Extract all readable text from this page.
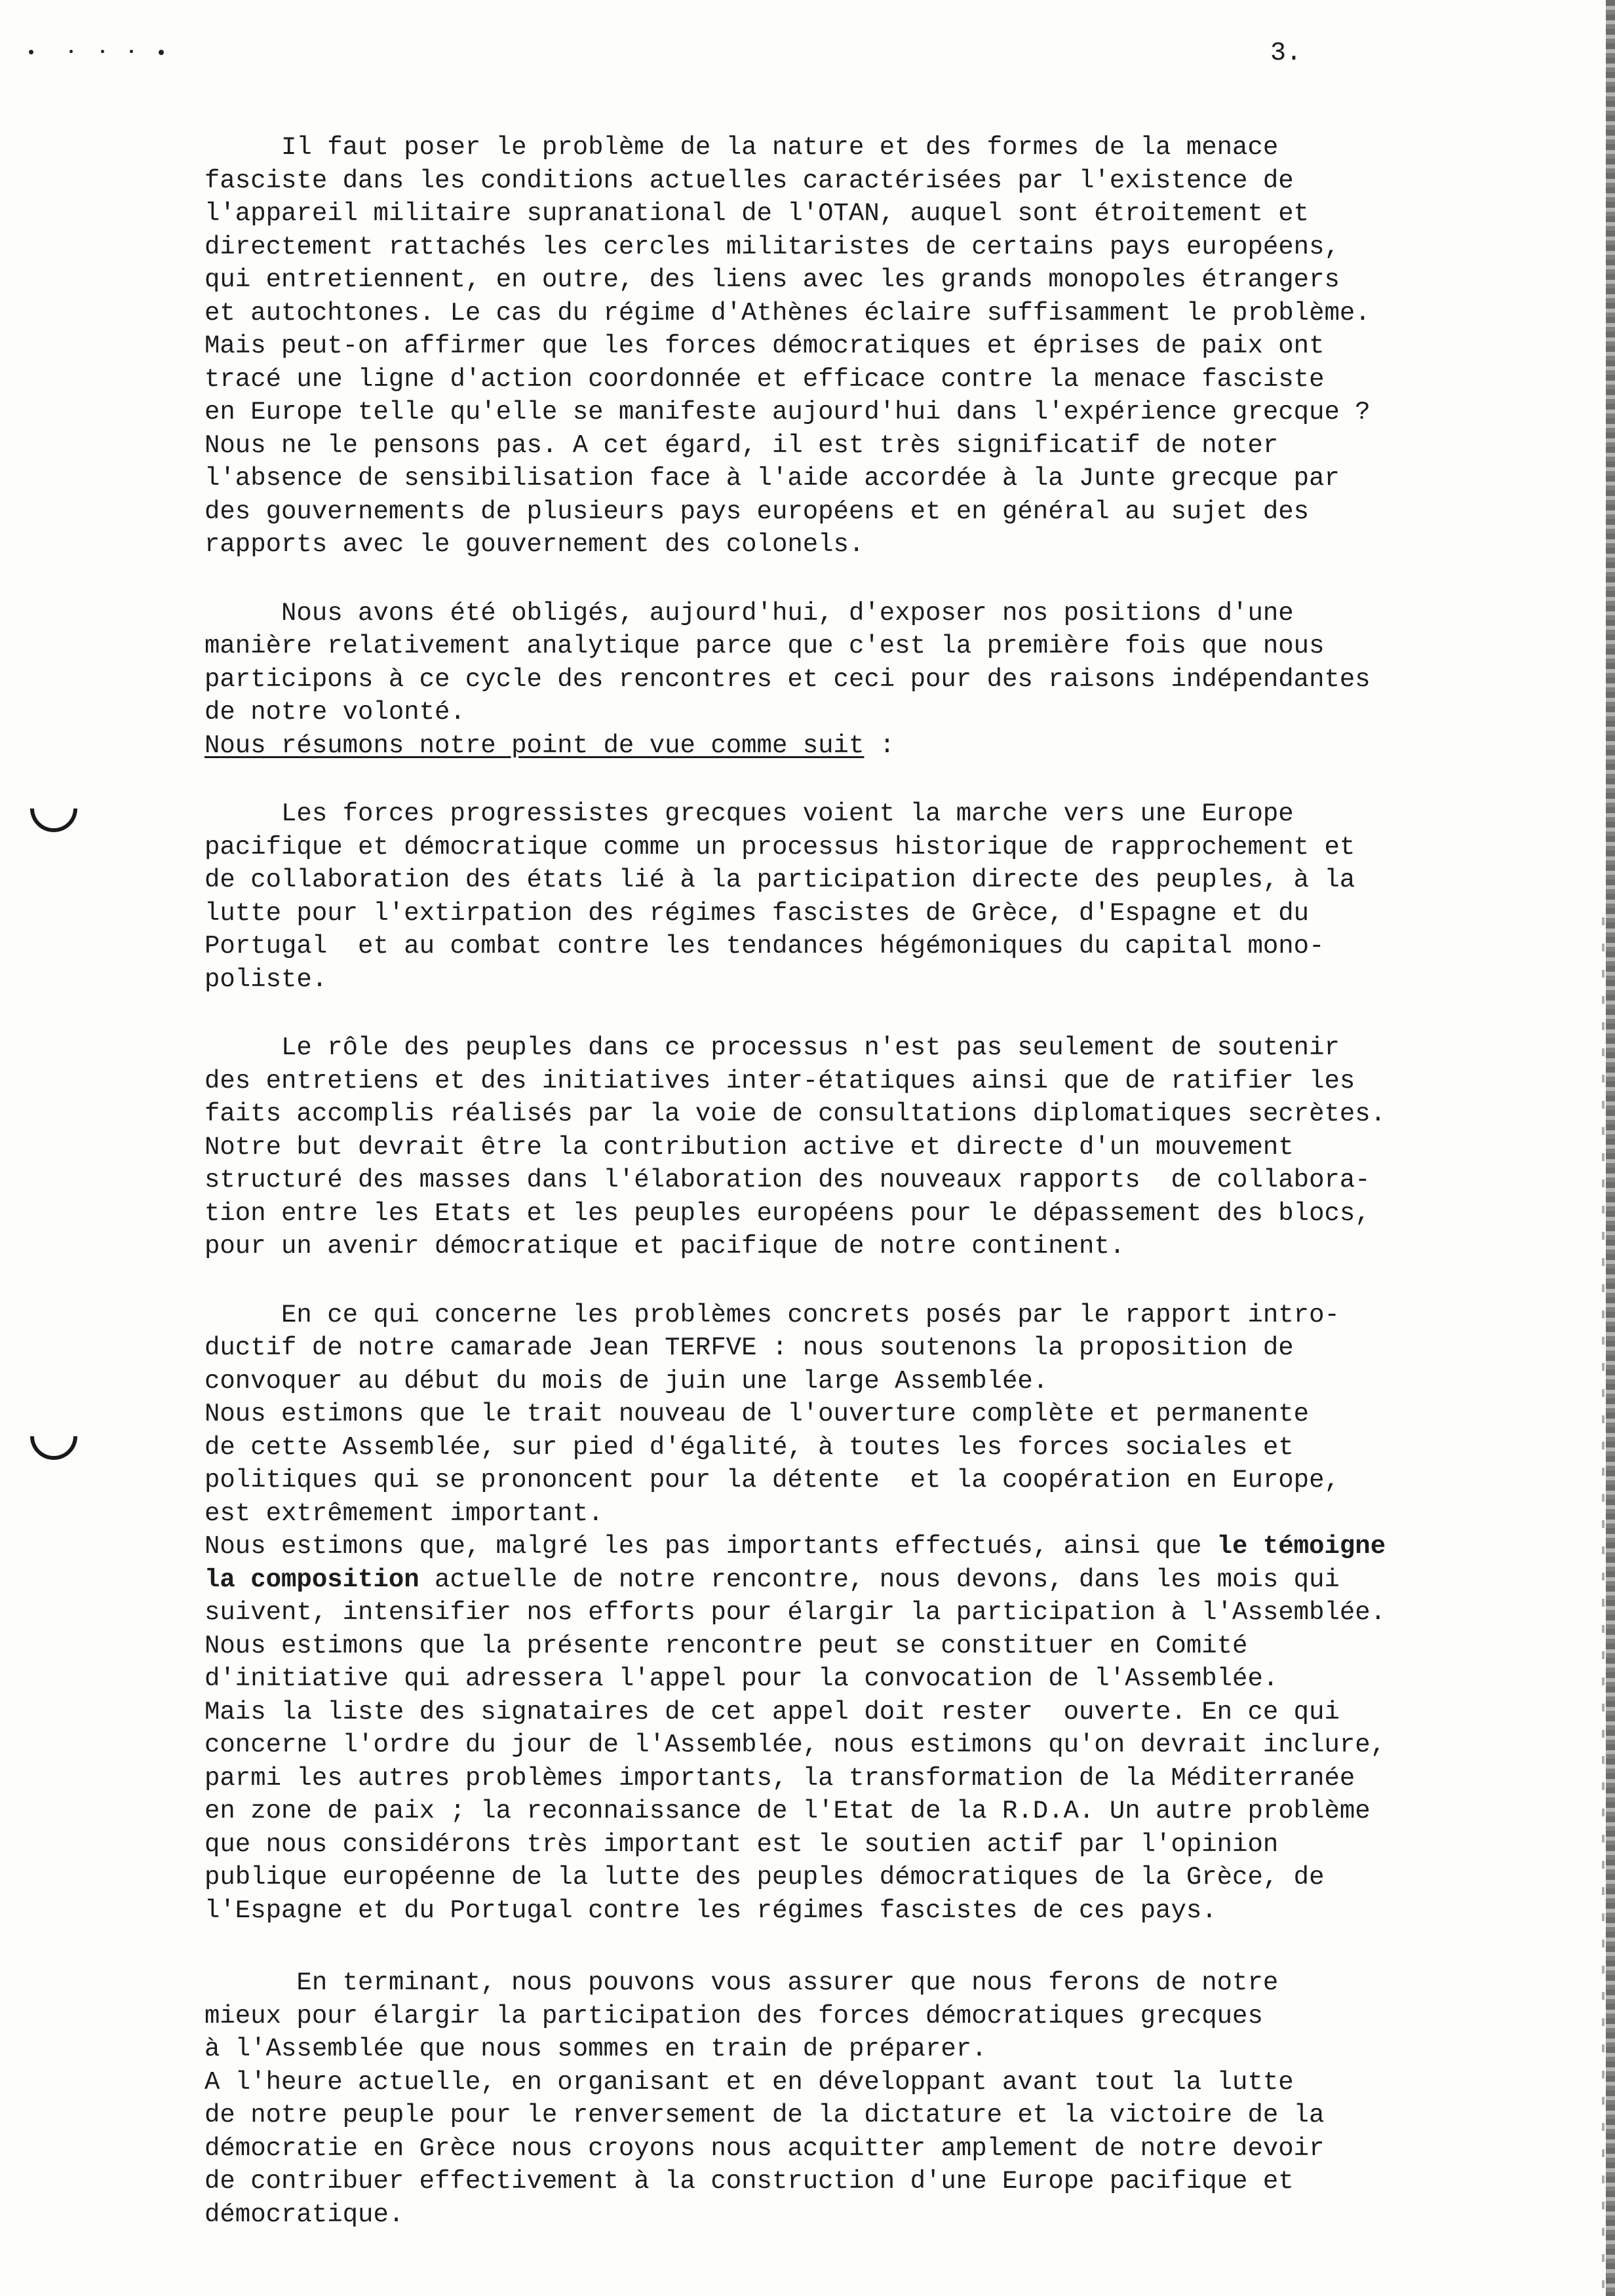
3.

Il faut poser le problème de la nature et des formes de la menace

fasciste dans les conditions actuelles caractérisées par l'existence de

l'appareil militaire supranational de l'OTAN, auquel sont étroitement et

directement rattachés les cercles militaristes de certains pays européens,

qui entretiennent, en outre, des liens avec les grands monopoles étrangers

et autochtones. Le cas du régime d'Athènes éclaire suffisamment le problème.

Mais peut-on affirmer que les forces démocratiques et éprises de paix ont

tracé une ligne d'action coordonnée et efficace contre la menace fasciste

en Europe telle qu'elle se manifeste aujourd'hui dans l'expérience grecque ?

Nous ne le pensons pas. A cet égard, il est très significatif de noter

l'absence de sensibilisation face à l'aide accordée à la Junte grecque par

des gouvernements de plusieurs pays européens et en général au sujet des

rapports avec le gouvernement des colonels.

Nous avons été obligés, aujourd'hui, d'exposer nos positions d'une

manière relativement analytique parce que c'est la première fois que nous

participons à ce cycle des rencontres et ceci pour des raisons indépendantes

de notre volonté.

Nous résumons notre point de vue comme suit :

Les forces progressistes grecques voient la marche vers une Europe

pacifique et démocratique comme un processus historique de rapprochement et

de collaboration des états lié à la participation directe des peuples, à la

lutte pour l'extirpation des régimes fascistes de Grèce, d'Espagne et du

Portugal  et au combat contre les tendances hégémoniques du capital mono-

poliste.

Le rôle des peuples dans ce processus n'est pas seulement de soutenir

des entretiens et des initiatives inter-étatiques ainsi que de ratifier les

faits accomplis réalisés par la voie de consultations diplomatiques secrètes.

Notre but devrait être la contribution active et directe d'un mouvement

structuré des masses dans l'élaboration des nouveaux rapports  de collabora-

tion entre les Etats et les peuples européens pour le dépassement des blocs,

pour un avenir démocratique et pacifique de notre continent.

En ce qui concerne les problèmes concrets posés par le rapport intro-

ductif de notre camarade Jean TERFVE : nous soutenons la proposition de

convoquer au début du mois de juin une large Assemblée.

Nous estimons que le trait nouveau de l'ouverture complète et permanente

de cette Assemblée, sur pied d'égalité, à toutes les forces sociales et

politiques qui se prononcent pour la détente  et la coopération en Europe,

est extrêmement important.

Nous estimons que, malgré les pas importants effectués, ainsi que le témoigne

la composition actuelle de notre rencontre, nous devons, dans les mois qui

suivent, intensifier nos efforts pour élargir la participation à l'Assemblée.

Nous estimons que la présente rencontre peut se constituer en Comité

d'initiative qui adressera l'appel pour la convocation de l'Assemblée.

Mais la liste des signataires de cet appel doit rester  ouverte. En ce qui

concerne l'ordre du jour de l'Assemblée, nous estimons qu'on devrait inclure,

parmi les autres problèmes importants, la transformation de la Méditerranée

en zone de paix ; la reconnaissance de l'Etat de la R.D.A. Un autre problème

que nous considérons très important est le soutien actif par l'opinion

publique européenne de la lutte des peuples démocratiques de la Grèce, de

l'Espagne et du Portugal contre les régimes fascistes de ces pays.

En terminant, nous pouvons vous assurer que nous ferons de notre

mieux pour élargir la participation des forces démocratiques grecques

à l'Assemblée que nous sommes en train de préparer.

A l'heure actuelle, en organisant et en développant avant tout la lutte

de notre peuple pour le renversement de la dictature et la victoire de la

démocratie en Grèce nous croyons nous acquitter amplement de notre devoir

de contribuer effectivement à la construction d'une Europe pacifique et

démocratique.
